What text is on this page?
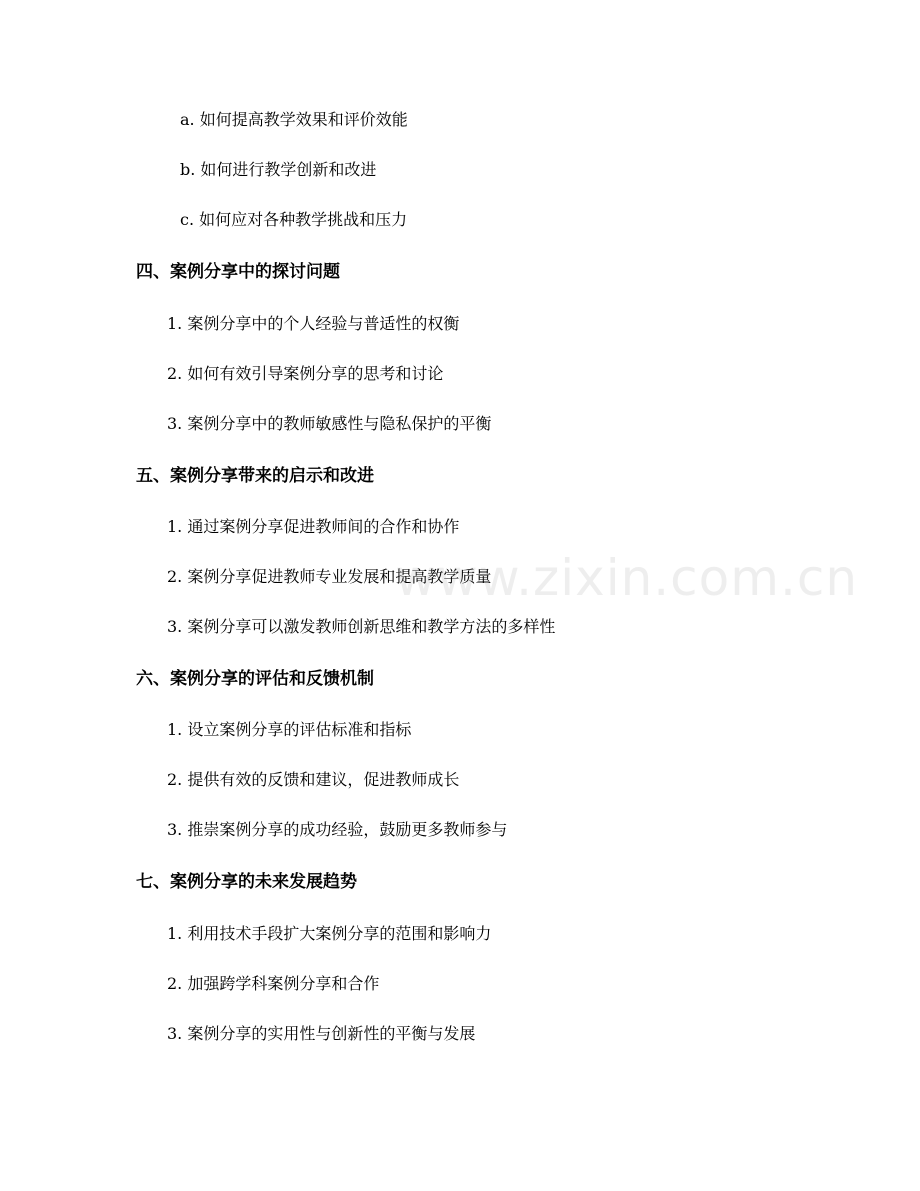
a. 如何提高教学效果和评价效能
b. 如何进行教学创新和改进
c. 如何应对各种教学挑战和压力
四、案例分享中的探讨问题
1. 案例分享中的个人经验与普适性的权衡
2. 如何有效引导案例分享的思考和讨论
3. 案例分享中的教师敏感性与隐私保护的平衡
五、案例分享带来的启示和改进
1. 通过案例分享促进教师间的合作和协作
2. 案例分享促进教师专业发展和提高教学质量
3. 案例分享可以激发教师创新思维和教学方法的多样性
六、案例分享的评估和反馈机制
1. 设立案例分享的评估标准和指标
2. 提供有效的反馈和建议，促进教师成长
3. 推崇案例分享的成功经验，鼓励更多教师参与
七、案例分享的未来发展趋势
1. 利用技术手段扩大案例分享的范围和影响力
2. 加强跨学科案例分享和合作
3. 案例分享的实用性与创新性的平衡与发展
www.zixin.com.cn
